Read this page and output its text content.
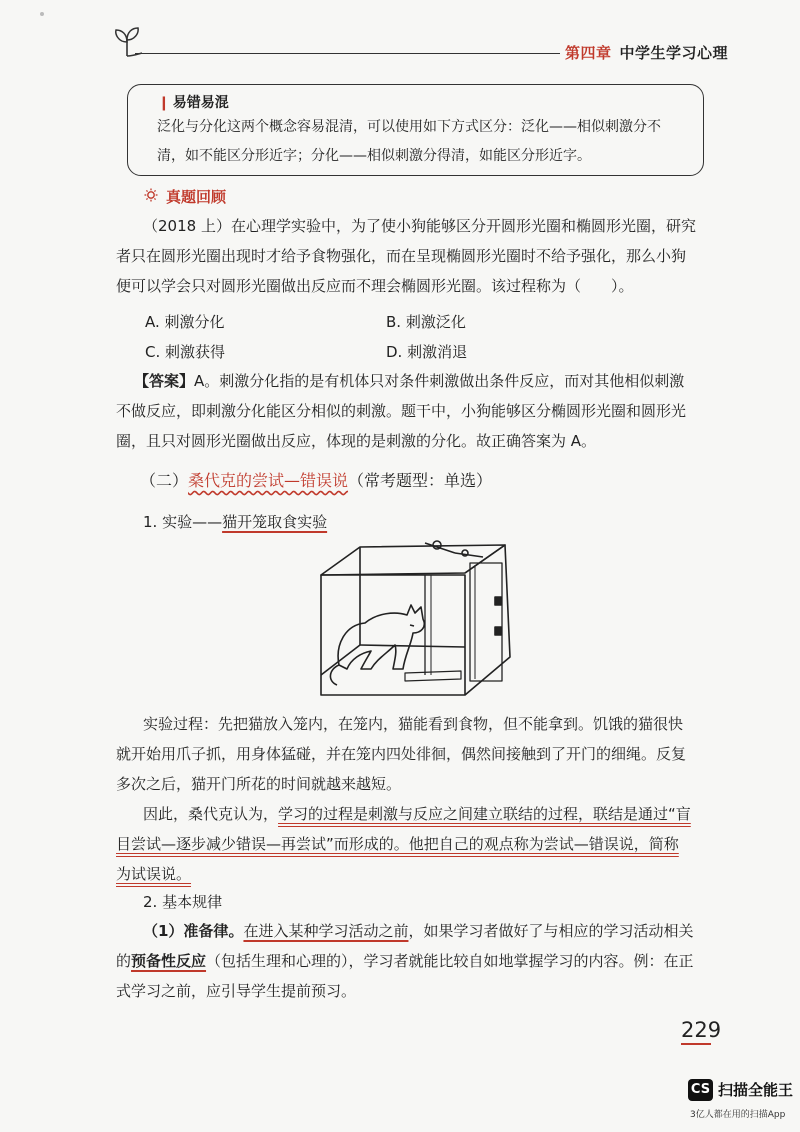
第四章 中学生学习心理
❙ 易错易混
泛化与分化这两个概念容易混清，可以使用如下方式区分：泛化——相似刺激分不
清，如不能区分形近字；分化——相似刺激分得清，如能区分形近字。
真题回顾
（2018 上）在心理学实验中，为了使小狗能够区分开圆形光圈和椭圆形光圈，研究
者只在圆形光圈出现时才给予食物强化，而在呈现椭圆形光圈时不给予强化，那么小狗
便可以学会只对圆形光圈做出反应而不理会椭圆形光圈。该过程称为（　　）。
A. 刺激分化	B. 刺激泛化
C. 刺激获得	D. 刺激消退
【答案】A。刺激分化指的是有机体只对条件刺激做出条件反应，而对其他相似刺激
不做反应，即刺激分化能区分相似的刺激。题干中，小狗能够区分椭圆形光圈和圆形光
圈，且只对圆形光圈做出反应，体现的是刺激的分化。故正确答案为 A。
（二）桑代克的尝试—错误说（常考题型：单选）
1. 实验——猫开笼取食实验
实验过程：先把猫放入笼内，在笼内，猫能看到食物，但不能拿到。饥饿的猫很快
就开始用爪子抓，用身体猛碰，并在笼内四处徘徊，偶然间接触到了开门的细绳。反复
多次之后，猫开门所花的时间就越来越短。
因此，桑代克认为，学习的过程是刺激与反应之间建立联结的过程，联结是通过“盲
目尝试—逐步减少错误—再尝试”而形成的。他把自己的观点称为尝试—错误说，简称
为试误说。
2. 基本规律
（1）准备律。在进入某种学习活动之前，如果学习者做好了与相应的学习活动相关
的预备性反应（包括生理和心理的），学习者就能比较自如地掌握学习的内容。例：在正
式学习之前，应引导学生提前预习。
229
CS 扫描全能王
3亿人都在用的扫描App
